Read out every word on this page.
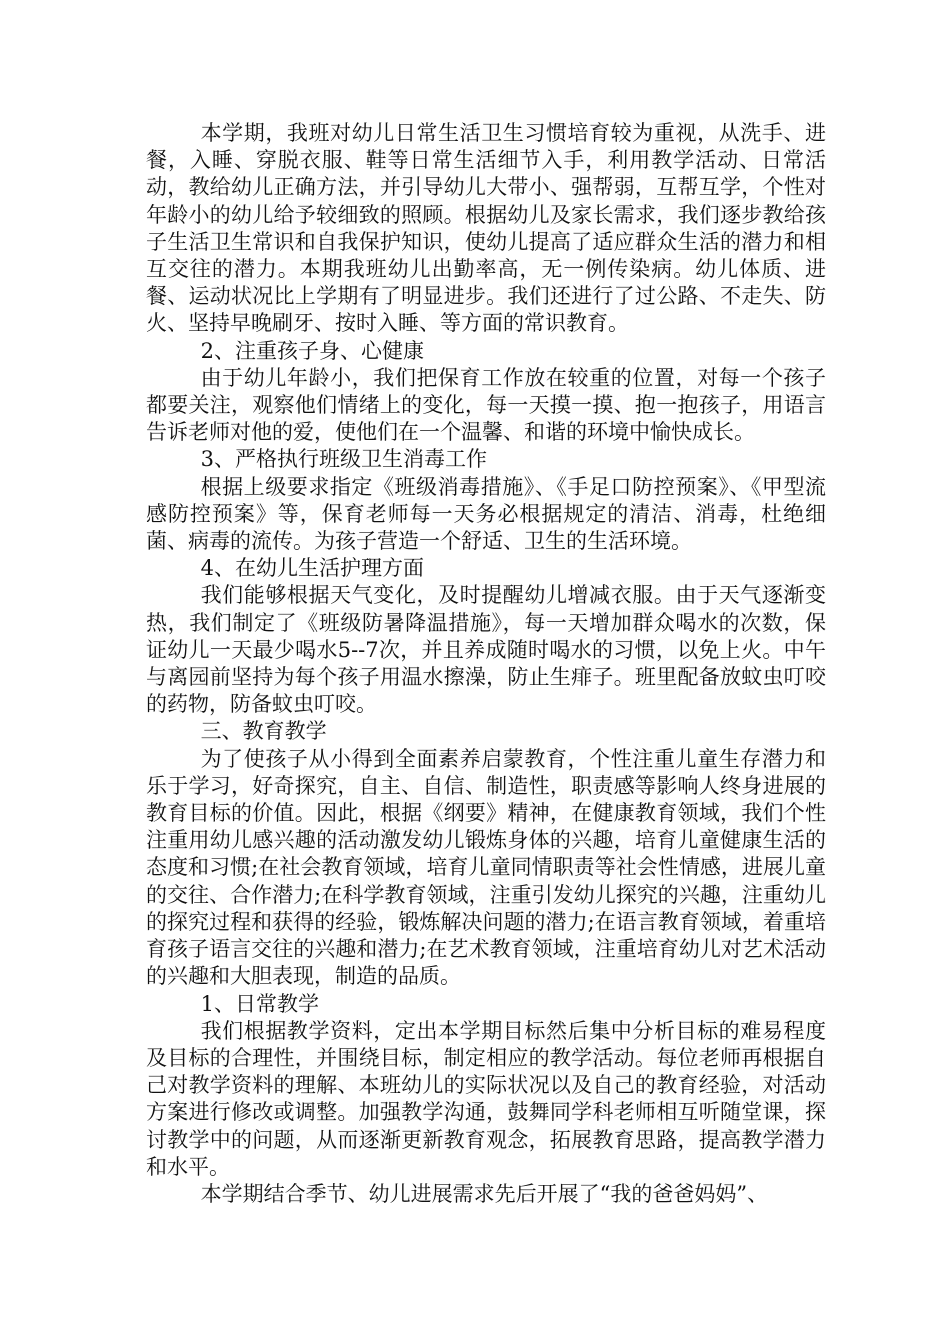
本学期，我班对幼儿日常生活卫生习惯培育较为重视，从洗手、进餐，入睡、穿脱衣服、鞋等日常生活细节入手，利用教学活动、日常活动，教给幼儿正确方法，并引导幼儿大带小、强帮弱，互帮互学，个性对年龄小的幼儿给予较细致的照顾。根据幼儿及家长需求，我们逐步教给孩子生活卫生常识和自我保护知识，使幼儿提高了适应群众生活的潜力和相互交往的潜力。本期我班幼儿出勤率高，无一例传染病。幼儿体质、进餐、运动状况比上学期有了明显进步。我们还进行了过公路、不走失、防火、坚持早晚刷牙、按时入睡、等方面的常识教育。

2、注重孩子身、心健康

由于幼儿年龄小，我们把保育工作放在较重的位置，对每一个孩子都要关注，观察他们情绪上的变化，每一天摸一摸、抱一抱孩子，用语言告诉老师对他的爱，使他们在一个温馨、和谐的环境中愉快成长。

3、严格执行班级卫生消毒工作

根据上级要求指定《班级消毒措施》、《手足口防控预案》、《甲型流感防控预案》等，保育老师每一天务必根据规定的清洁、消毒，杜绝细菌、病毒的流传。为孩子营造一个舒适、卫生的生活环境。

4、在幼儿生活护理方面

我们能够根据天气变化，及时提醒幼儿增减衣服。由于天气逐渐变热，我们制定了《班级防暑降温措施》，每一天增加群众喝水的次数，保证幼儿一天最少喝水5--7次，并且养成随时喝水的习惯，以免上火。中午与离园前坚持为每个孩子用温水擦澡，防止生痱子。班里配备放蚊虫叮咬的药物，防备蚊虫叮咬。

三、教育教学

为了使孩子从小得到全面素养启蒙教育，个性注重儿童生存潜力和乐于学习，好奇探究，自主、自信、制造性，职责感等影响人终身进展的教育目标的价值。因此，根据《纲要》精神，在健康教育领域，我们个性注重用幼儿感兴趣的活动激发幼儿锻炼身体的兴趣，培育儿童健康生活的态度和习惯;在社会教育领域，培育儿童同情职责等社会性情感，进展儿童的交往、合作潜力;在科学教育领域，注重引发幼儿探究的兴趣，注重幼儿的探究过程和获得的经验，锻炼解决问题的潜力;在语言教育领域，着重培育孩子语言交往的兴趣和潜力;在艺术教育领域，注重培育幼儿对艺术活动的兴趣和大胆表现，制造的品质。

1、日常教学

我们根据教学资料，定出本学期目标然后集中分析目标的难易程度及目标的合理性，并围绕目标，制定相应的教学活动。每位老师再根据自己对教学资料的理解、本班幼儿的实际状况以及自己的教育经验，对活动方案进行修改或调整。加强教学沟通，鼓舞同学科老师相互听随堂课，探讨教学中的问题，从而逐渐更新教育观念，拓展教育思路，提高教学潜力和水平。

本学期结合季节、幼儿进展需求先后开展了“我的爸爸妈妈”、
